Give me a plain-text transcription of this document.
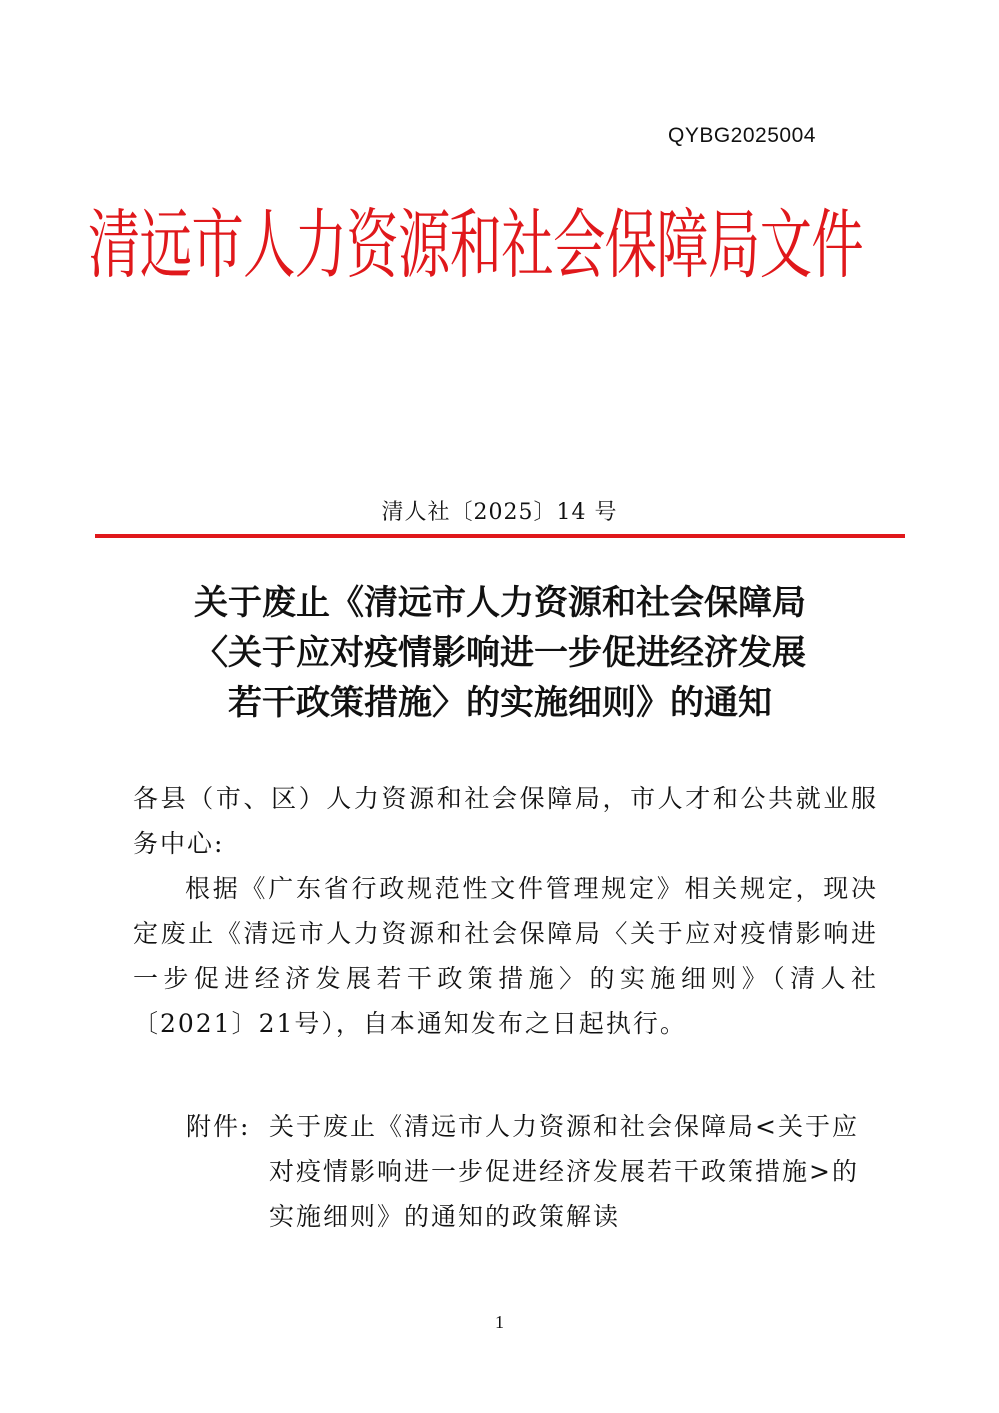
QYBG2025004
清远市人力资源和社会保障局文件
清人社〔2025〕14 号
关于废止《清远市人力资源和社会保障局
〈关于应对疫情影响进一步促进经济发展
若干政策措施〉的实施细则》的通知
各县（市、区）人力资源和社会保障局，市人才和公共就业服务中心:
根据《广东省行政规范性文件管理规定》相关规定，现决定废止《清远市人力资源和社会保障局〈关于应对疫情影响进一步促进经济发展若干政策措施〉的实施细则》（清人社〔2021〕21号），自本通知发布之日起执行。
附件: 关于废止《清远市人力资源和社会保障局<关于应对疫情影响进一步促进经济发展若干政策措施>的实施细则》的通知的政策解读
1
